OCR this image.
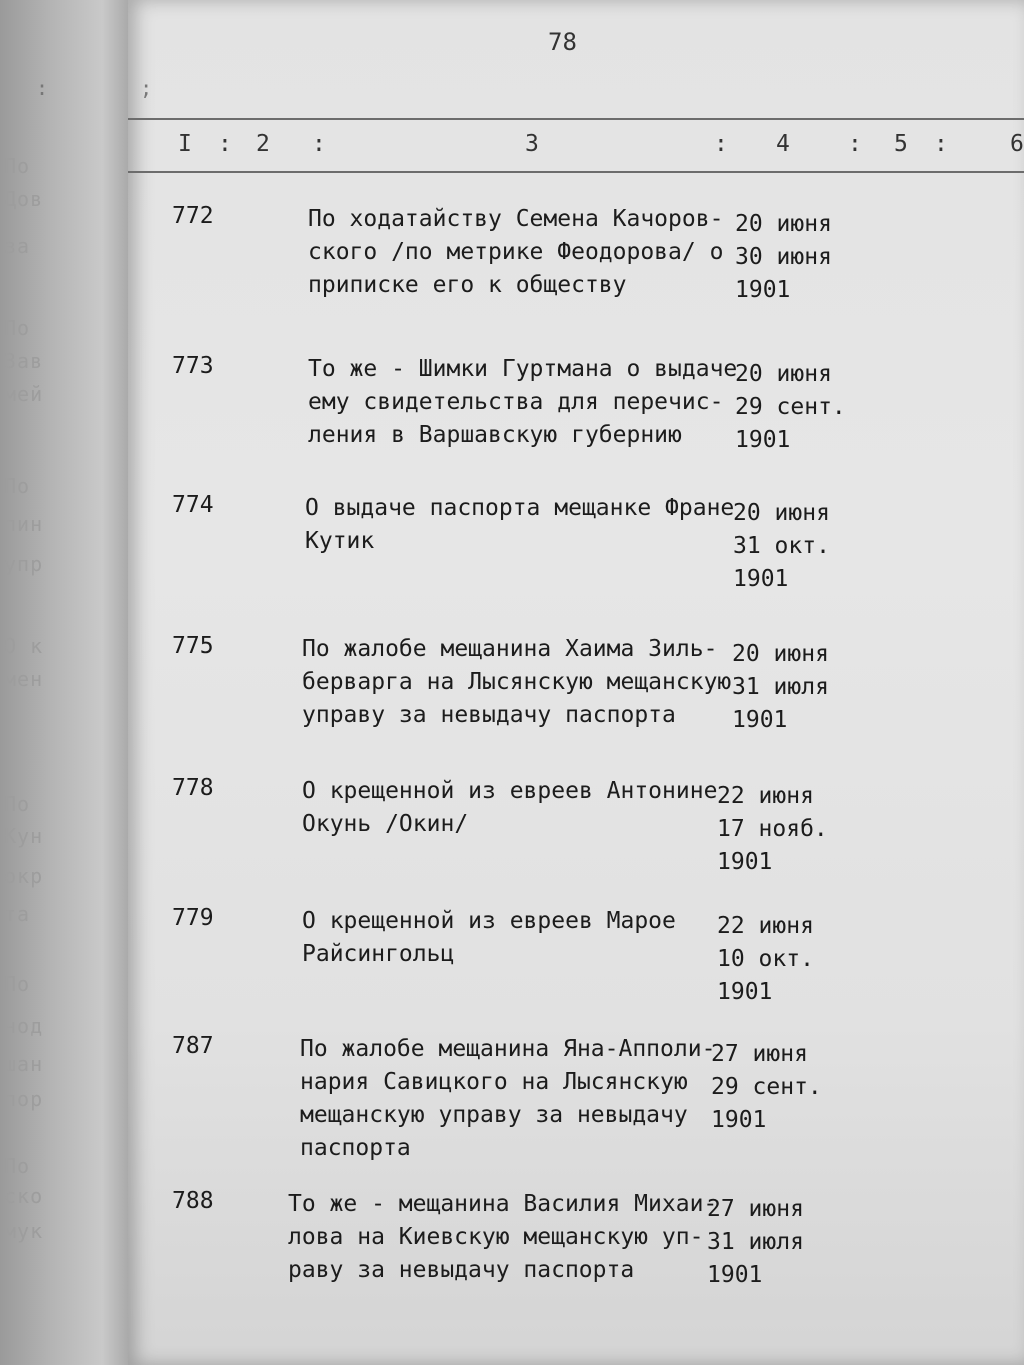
По
Дов
за
По
Зав
мей
По
пин
упр
О к
мен
По
Кун
окр
та
По
нод
шан
пор
По
ско
мук
78
: ;
I : 2 :	3	: 4	: 5 :	6
772	По ходатайству Семена Качоров-
ского /по метрике Феодорова/ о
приписке его к обществу
20 июня
30 июня
1901
773	То же - Шимки Гуртмана о выдаче
ему свидетельства для перечис-
ления в Варшавскую губернию
20 июня
29 сент.
1901
774	О выдаче паспорта мещанке Фране
Кутик
20 июня
31 окт.
1901
775	По жалобе мещанина Хаима Зиль-
берварга на Лысянскую мещанскую
управу за невыдачу паспорта
20 июня
31 июля
1901
778	О крещенной из евреев Антонине
Окунь /Окин/
22 июня
17 нояб.
1901
779	О крещенной из евреев Марое
Райсингольц
22 июня
10 окт.
1901
787	По жалобе мещанина Яна-Апполи-
нария Савицкого на Лысянскую
мещанскую управу за невыдачу
паспорта
27 июня
29 сент.
1901
788	То же - мещанина Василия Михаи-
лова на Киевскую мещанскую уп-
раву за невыдачу паспорта
27 июня
31 июля
1901
